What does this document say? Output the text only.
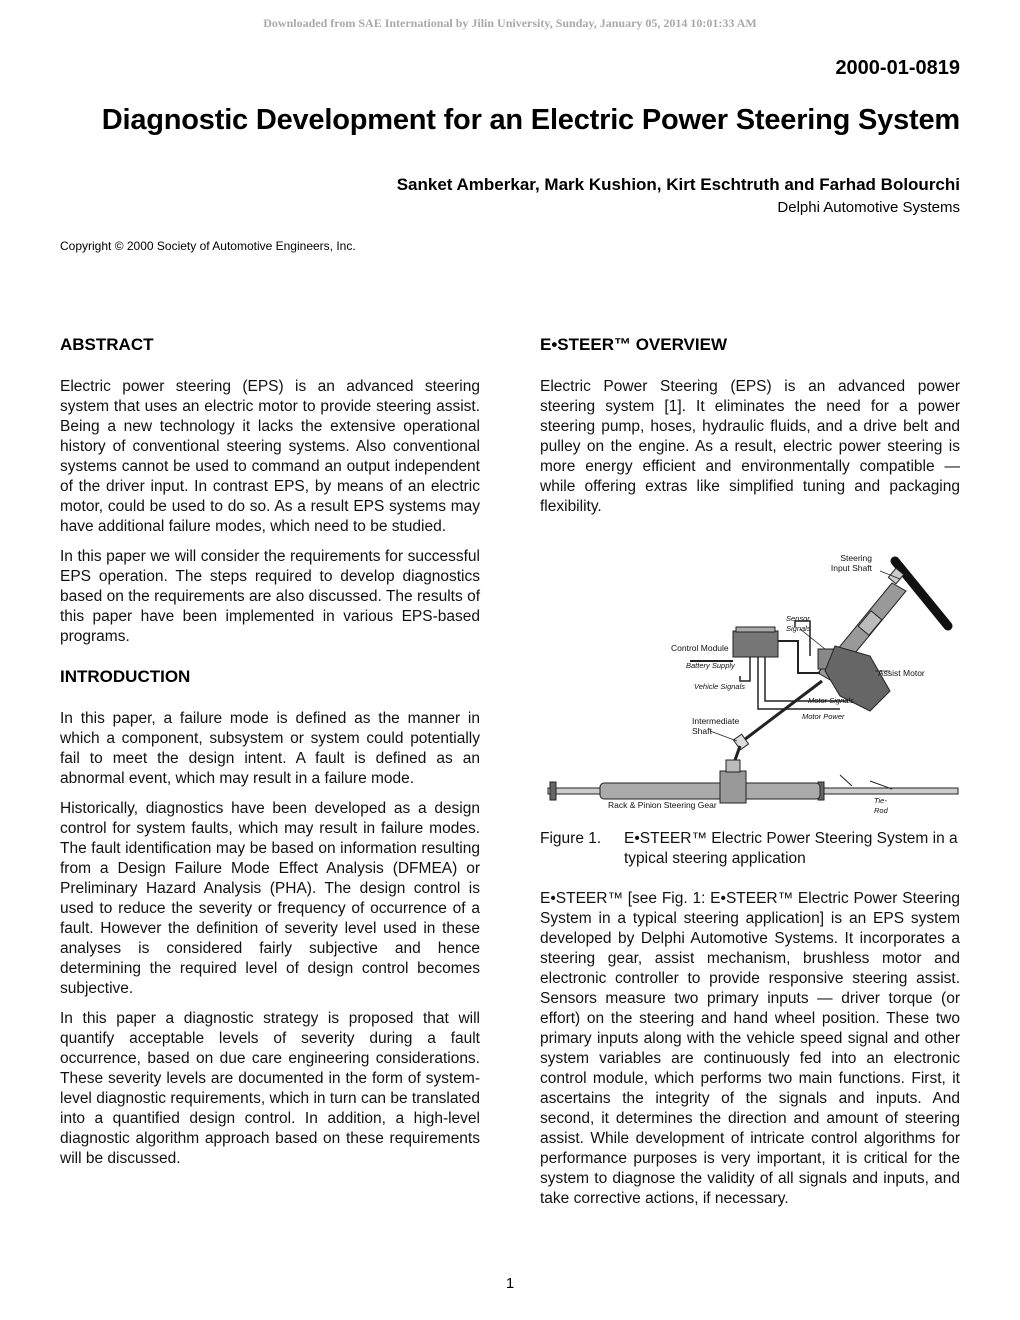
Downloaded from SAE International by Jilin University, Sunday, January 05, 2014 10:01:33 AM
2000-01-0819
Diagnostic Development for an Electric Power Steering System
Sanket Amberkar, Mark Kushion, Kirt Eschtruth and Farhad Bolourchi
Delphi Automotive Systems
Copyright © 2000 Society of Automotive Engineers, Inc.
ABSTRACT

Electric power steering (EPS) is an advanced steering system that uses an electric motor to provide steering assist. Being a new technology it lacks the extensive operational history of conventional steering systems. Also conventional systems cannot be used to command an output independent of the driver input. In contrast EPS, by means of an electric motor, could be used to do so. As a result EPS systems may have additional failure modes, which need to be studied.

In this paper we will consider the requirements for successful EPS operation. The steps required to develop diagnostics based on the requirements are also discussed. The results of this paper have been implemented in various EPS-based programs.

INTRODUCTION

In this paper, a failure mode is defined as the manner in which a component, subsystem or system could potentially fail to meet the design intent. A fault is defined as an abnormal event, which may result in a failure mode.

Historically, diagnostics have been developed as a design control for system faults, which may result in failure modes. The fault identification may be based on information resulting from a Design Failure Mode Effect Analysis (DFMEA) or Preliminary Hazard Analysis (PHA). The design control is used to reduce the severity or frequency of occurrence of a fault. However the definition of severity level used in these analyses is considered fairly subjective and hence determining the required level of design control becomes subjective.

In this paper a diagnostic strategy is proposed that will quantify acceptable levels of severity during a fault occurrence, based on due care engineering considerations. These severity levels are documented in the form of system-level diagnostic requirements, which in turn can be translated into a quantified design control. In addition, a high-level diagnostic algorithm approach based on these requirements will be discussed.

E•STEER™ OVERVIEW

Electric Power Steering (EPS) is an advanced power steering system [1]. It eliminates the need for a power steering pump, hoses, hydraulic fluids, and a drive belt and pulley on the engine. As a result, electric power steering is more energy efficient and environmentally compatible — while offering extras like simplified tuning and packaging flexibility.

Steering
Input Shaft
Sensor
Signals
Control Module
Battery Supply
Vehicle Signals
Assist Motor
Motor Signals
Motor Power
Intermediate
Shaft
Rack & Pinion Steering Gear	Tie-
Rod
Figure 1.	E•STEER™ Electric Power Steering System in a typical steering application

E•STEER™ [see Fig. 1: E•STEER™ Electric Power Steering System in a typical steering application] is an EPS system developed by Delphi Automotive Systems. It incorporates a steering gear, assist mechanism, brushless motor and electronic controller to provide responsive steering assist. Sensors measure two primary inputs — driver torque (or effort) on the steering and hand wheel position. These two primary inputs along with the vehicle speed signal and other system variables are continuously fed into an electronic control module, which performs two main functions. First, it ascertains the integrity of the signals and inputs. And second, it determines the direction and amount of steering assist. While development of intricate control algorithms for performance purposes is very important, it is critical for the system to diagnose the validity of all signals and inputs, and take corrective actions, if necessary.

1
